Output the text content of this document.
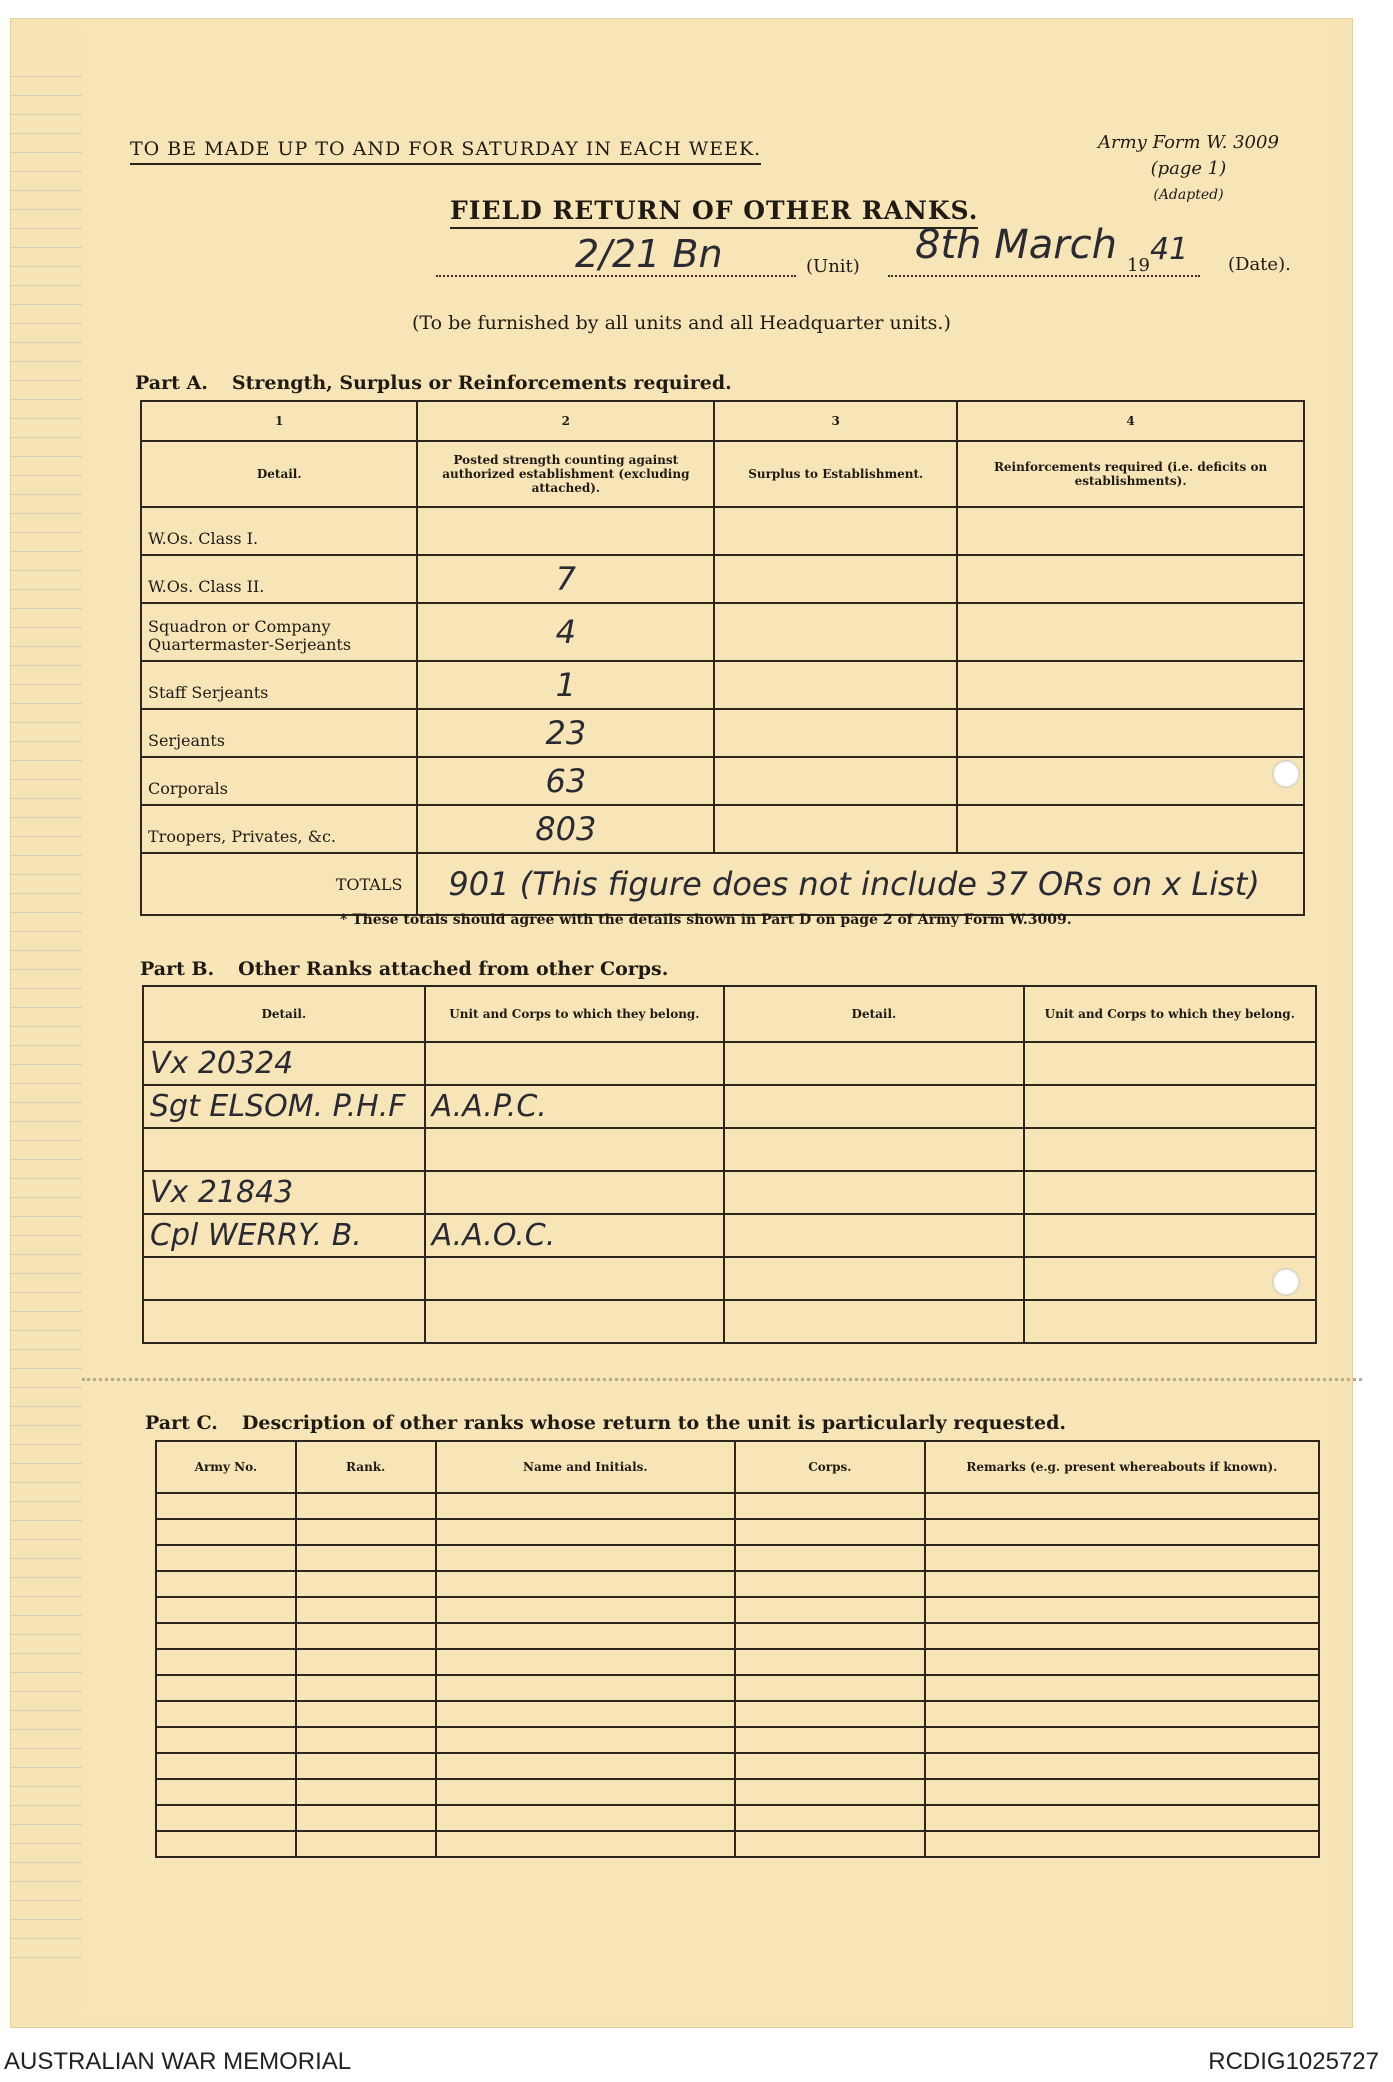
TO BE MADE UP TO AND FOR SATURDAY IN EACH WEEK.	Army Form W. 3009
(page 1)
(Adapted)
FIELD RETURN OF OTHER RANKS.
2/21 Bn	(Unit) 8th March 19 41 (Date).
(To be furnished by all units and all Headquarter units.)
Part A. Strength, Surplus or Reinforcements required.
1	2	3	4
Detail.	Posted strength counting against authorized establishment (excluding attached).	Surplus to Establishment.	Reinforcements required (i.e. deficits on establishments).
W.Os. Class I.			
W.Os. Class II.	7		
Squadron or Company Quartermaster-Serjeants	4		
Staff Serjeants	1		
Serjeants	23		
Corporals	63		
Troopers, Privates, &c.	803		
TOTALS	901 (This figure does not include 37 ORs on x List)		
* These totals should agree with the details shown in Part D on page 2 of Army Form W.3009.
Part B. Other Ranks attached from other Corps.
Detail.	Unit and Corps to which they belong.	Detail.	Unit and Corps to which they belong.
Vx 20324			
Sgt ELSOM. P.H.F	A.A.P.C.		

Vx 21843			
Cpl WERRY. B.	A.A.O.C.		

Part C. Description of other ranks whose return to the unit is particularly requested.
Army No.	Rank.	Name and Initials.	Corps.	Remarks (e.g. present whereabouts if known).

AUSTRALIAN WAR MEMORIAL	RCDIG1025727
